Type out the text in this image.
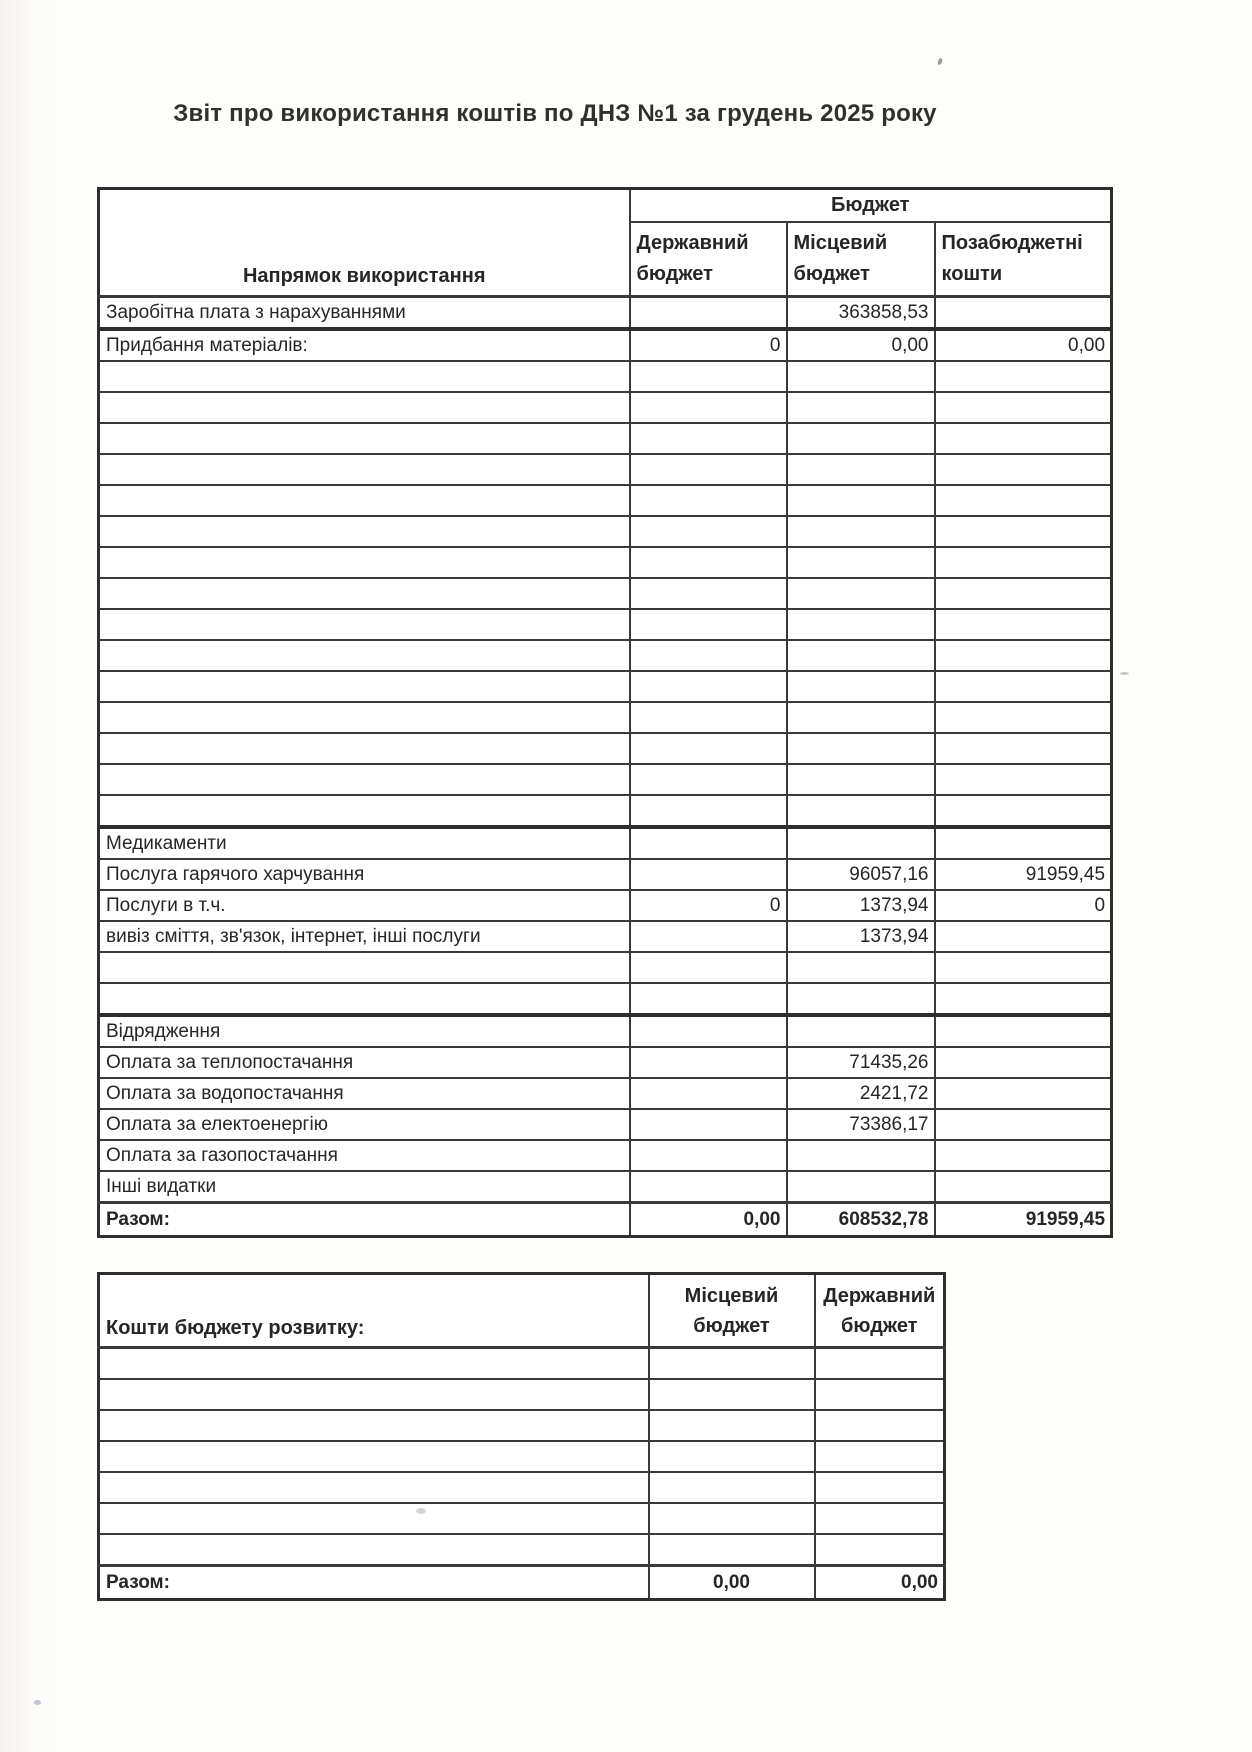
Звіт про використання коштів по ДНЗ №1 за грудень 2025 року
Напрямок використання	Бюджет		
	Державний бюджет	Місцевий бюджет	Позабюджетні кошти
Заробітна плата з нарахуваннями		363858,53	
Придбання матеріалів:	0	0,00	0,00

Медикаменти			
Послуга гарячого харчування		96057,16	91959,45
Послуги в т.ч.	0	1373,94	0
вивіз сміття, зв'язок, інтернет, інші послуги		1373,94	

Відрядження			
Оплата за теплопостачання		71435,26	
Оплата за водопостачання		2421,72	
Оплата за електоенергію		73386,17	
Оплата за газопостачання			
Інші видатки			
Разом:	0,00	608532,78	91959,45
Кошти бюджету розвитку:	Місцевий бюджет	Державний бюджет

Разом:	0,00	0,00
